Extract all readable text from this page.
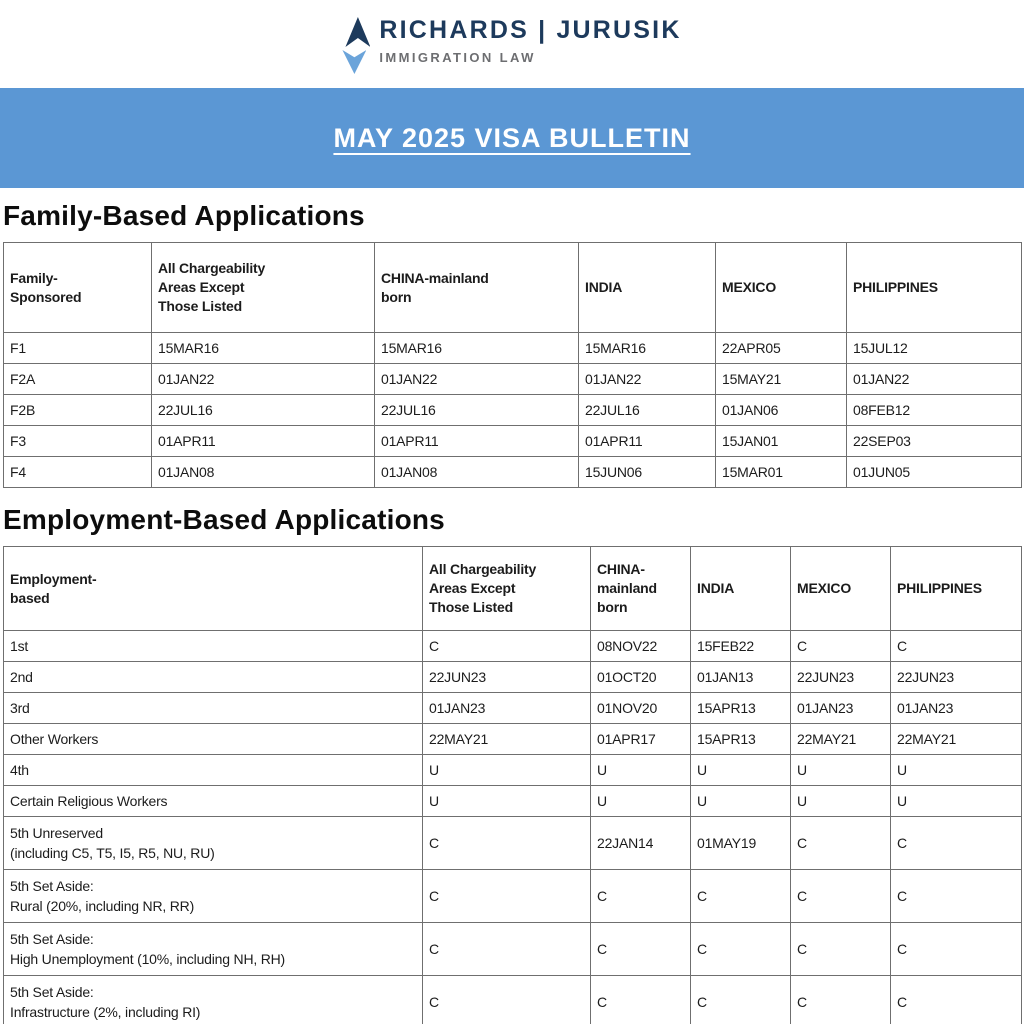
RICHARDS | JURUSIK
IMMIGRATION LAW
MAY 2025 VISA BULLETIN
Family-Based Applications
Family-
Sponsored	All Chargeability
Areas Except
Those Listed	CHINA-mainland
born	INDIA	MEXICO	PHILIPPINES
F1	15MAR16	15MAR16	15MAR16	22APR05	15JUL12
F2A	01JAN22	01JAN22	01JAN22	15MAY21	01JAN22
F2B	22JUL16	22JUL16	22JUL16	01JAN06	08FEB12
F3	01APR11	01APR11	01APR11	15JAN01	22SEP03
F4	01JAN08	01JAN08	15JUN06	15MAR01	01JUN05
Employment-Based Applications
Employment-
based	All Chargeability
Areas Except
Those Listed	CHINA-
mainland
born	INDIA	MEXICO	PHILIPPINES
1st	C	08NOV22	15FEB22	C	C
2nd	22JUN23	01OCT20	01JAN13	22JUN23	22JUN23
3rd	01JAN23	01NOV20	15APR13	01JAN23	01JAN23
Other Workers	22MAY21	01APR17	15APR13	22MAY21	22MAY21
4th	U	U	U	U	U
Certain Religious Workers	U	U	U	U	U
5th Unreserved
(including C5, T5, I5, R5, NU, RU)	C	22JAN14	01MAY19	C	C
5th Set Aside:
Rural (20%, including NR, RR)	C	C	C	C	C
5th Set Aside:
High Unemployment (10%, including NH, RH)	C	C	C	C	C
5th Set Aside:
Infrastructure (2%, including RI)	C	C	C	C	C
